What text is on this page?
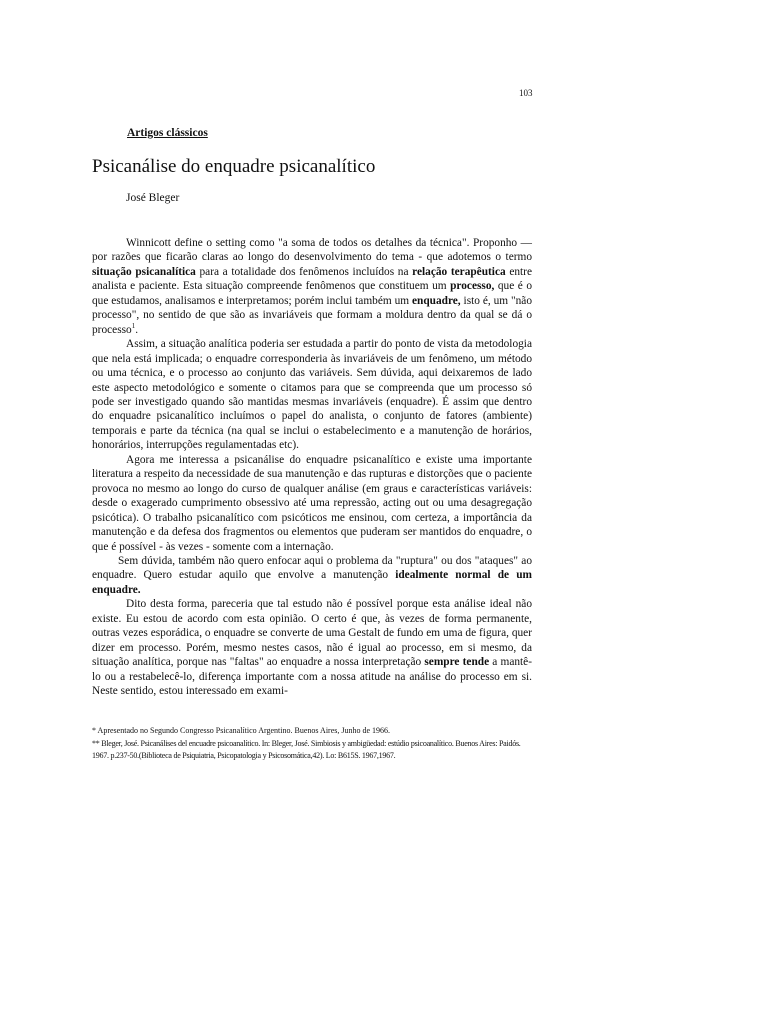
103
Artigos clássicos
Psicanálise do enquadre psicanalítico
José Bleger

Winnicott define o setting como "a soma de todos os detalhes da técnica". Proponho — por razões que ficarão claras ao longo do desenvolvimento do tema - que adotemos o termo situação psicanalítica para a totalidade dos fenômenos incluídos na relação terapêutica entre analista e paciente. Esta situação compreende fenômenos que constituem um processo, que é o que estudamos, analisamos e interpretamos; porém inclui também um enquadre, isto é, um "não processo", no sentido de que são as invariáveis que formam a moldura dentro da qual se dá o processo$^1$.

Assim, a situação analítica poderia ser estudada a partir do ponto de vista da metodologia que nela está implicada; o enquadre corresponderia às invariáveis de um fenômeno, um método ou uma técnica, e o processo ao conjunto das variáveis. Sem dúvida, aqui deixaremos de lado este aspecto metodológico e somente o citamos para que se compreenda que um processo só pode ser investigado quando são mantidas mesmas invariáveis (enquadre). É assim que dentro do enquadre psicanalítico incluímos o papel do analista, o conjunto de fatores (ambiente) temporais e parte da técnica (na qual se inclui o estabelecimento e a manutenção de horários, honorários, interrupções regulamentadas etc).

Agora me interessa a psicanálise do enquadre psicanalítico e existe uma importante literatura a respeito da necessidade de sua manutenção e das rupturas e distorções que o paciente provoca no mesmo ao longo do curso de qualquer análise (em graus e características variáveis: desde o exagerado cumprimento obsessivo até uma repressão, acting out ou uma desagregação psicótica). O trabalho psicanalítico com psicóticos me ensinou, com certeza, a importância da manutenção e da defesa dos fragmentos ou elementos que puderam ser mantidos do enquadre, o que é possível - às vezes - somente com a internação.

Sem dúvida, também não quero enfocar aqui o problema da "ruptura" ou dos "ataques" ao enquadre. Quero estudar aquilo que envolve a manutenção idealmente normal de um enquadre.

Dito desta forma, pareceria que tal estudo não é possível porque esta análise ideal não existe. Eu estou de acordo com esta opinião. O certo é que, às vezes de forma permanente, outras vezes esporádica, o enquadre se converte de uma Gestalt de fundo em uma de figura, quer dizer em processo. Porém, mesmo nestes casos, não é igual ao processo, em si mesmo, da situação analítica, porque nas "faltas" ao enquadre a nossa interpretação sempre tende a mantê-lo ou a restabelecê-lo, diferença importante com a nossa atitude na análise do processo em si. Neste sentido, estou interessado em exami-

* Apresentado no Segundo Congresso Psicanalítico Argentino. Buenos Aires, Junho de 1966.
** Bleger, José. Psicanálises del encuadre psicoanalítico. In: Bleger, José. Simbiosis y ambigüedad: estúdio psicoanalítico. Buenos Aires: Paidós. 1967. p.237-50.(Biblioteca de Psiquiatria, Psicopatologia y Psicosomática,42). Lo: B615S. 1967,1967.
